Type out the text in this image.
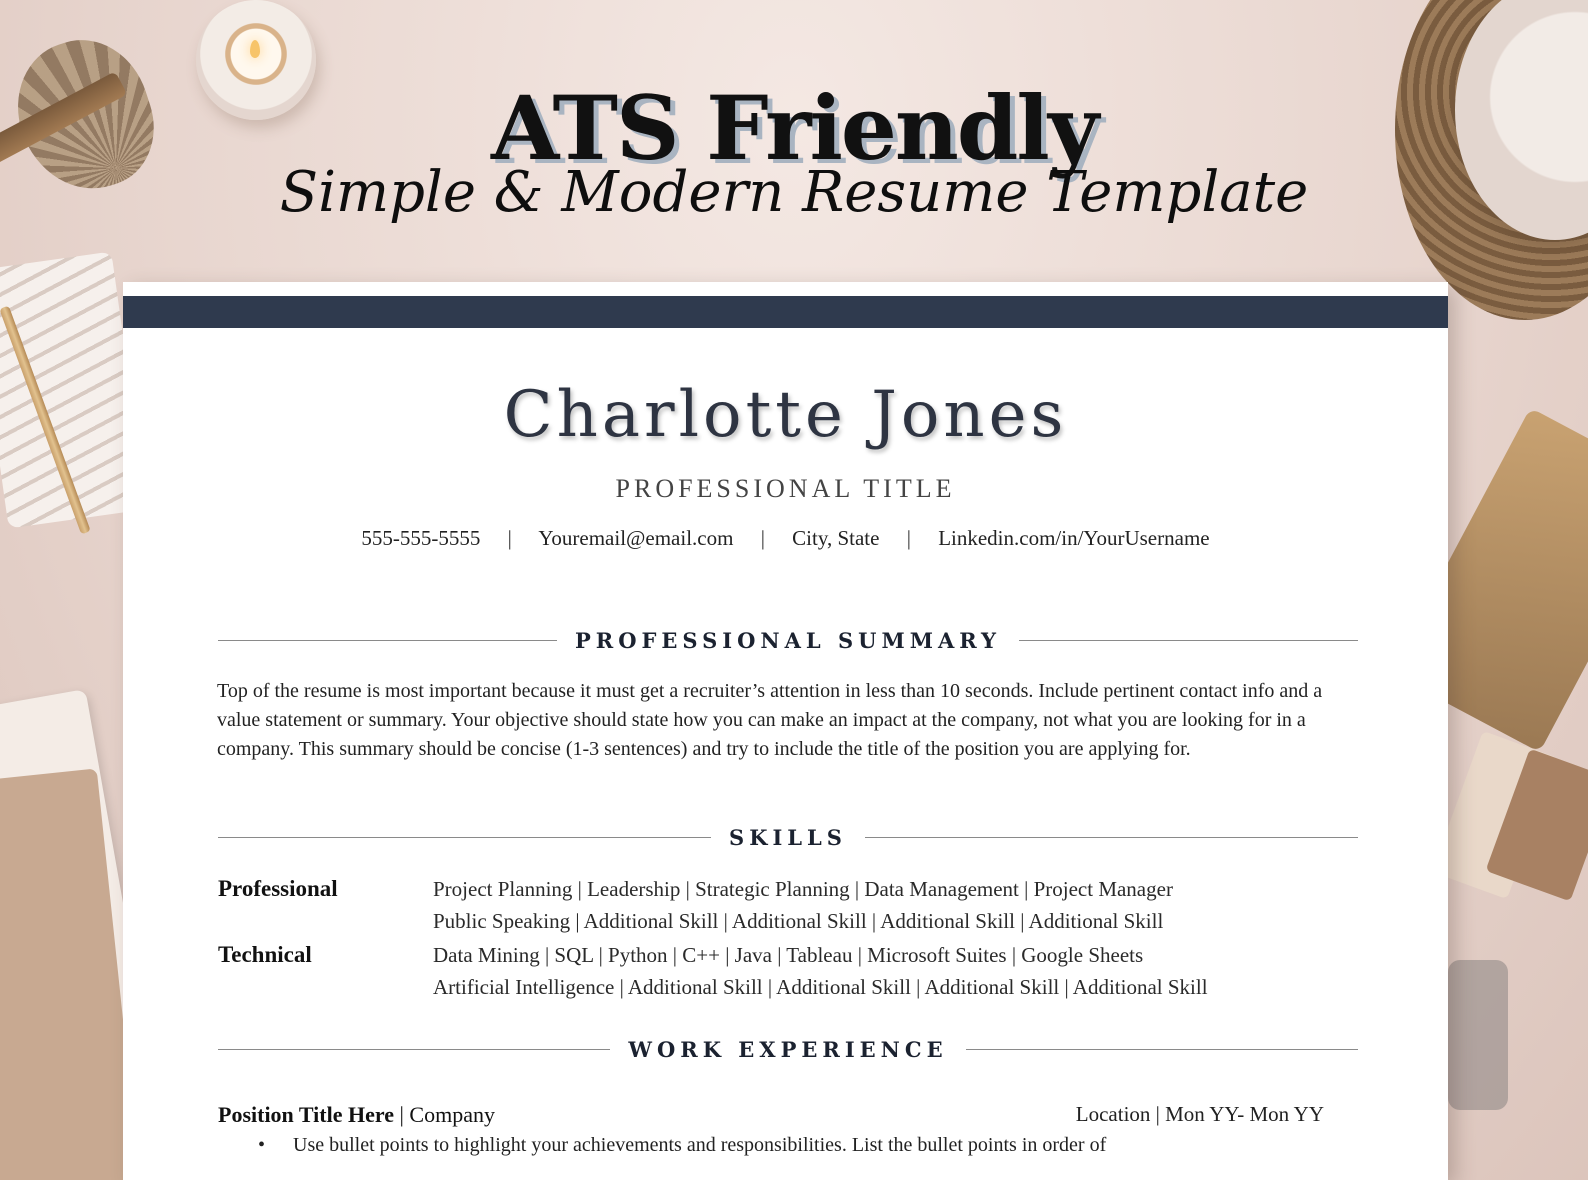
ATS Friendly
Simple & Modern Resume Template
Charlotte Jones
PROFESSIONAL TITLE
555-555-5555 | Youremail@email.com | City, State | Linkedin.com/in/YourUsername
PROFESSIONAL SUMMARY
Top of the resume is most important because it must get a recruiter’s attention in less than 10 seconds. Include pertinent contact info and a value statement or summary. Your objective should state how you can make an impact at the company, not what you are looking for in a company. This summary should be concise (1-3 sentences) and try to include the title of the position you are applying for.
SKILLS
Professional	Project Planning | Leadership | Strategic Planning | Data Management | Project Manager
Public Speaking | Additional Skill | Additional Skill | Additional Skill | Additional Skill
Technical	Data Mining | SQL | Python | C++ | Java | Tableau | Microsoft Suites | Google Sheets
Artificial Intelligence | Additional Skill | Additional Skill | Additional Skill | Additional Skill
WORK EXPERIENCE
Position Title Here | Company	Location | Mon YY- Mon YY
• Use bullet points to highlight your achievements and responsibilities. List the bullet points in order of
